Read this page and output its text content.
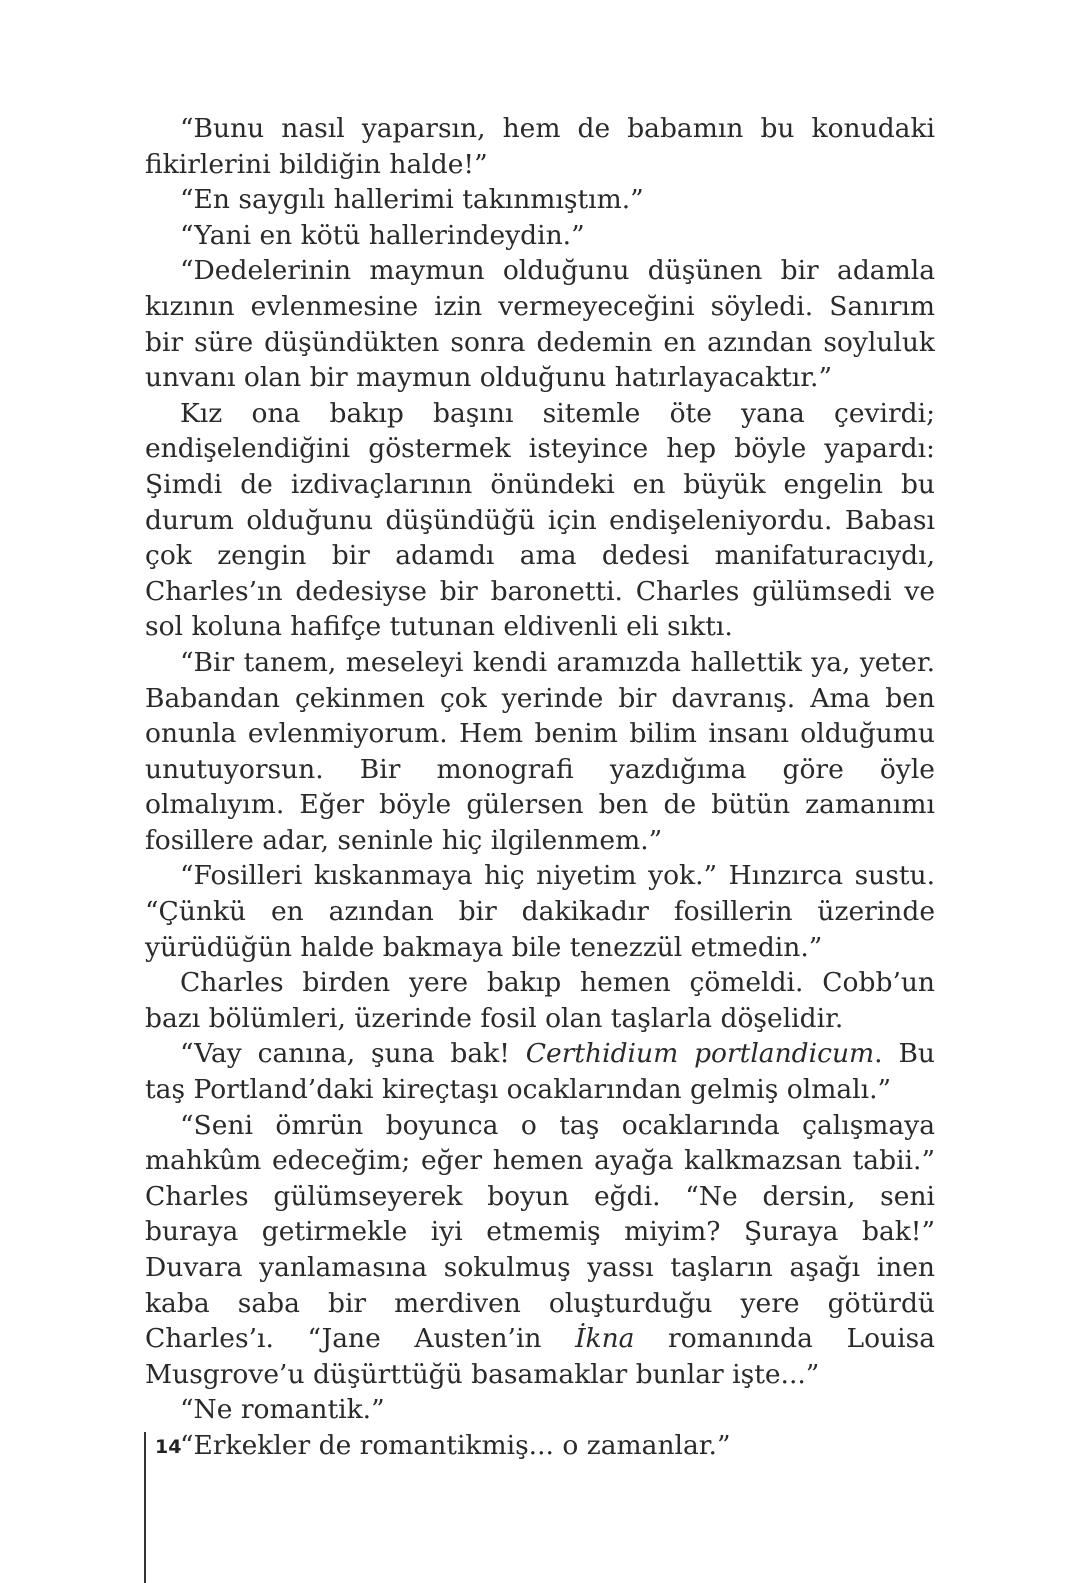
“Bunu nasıl yaparsın, hem de babamın bu konudaki fikirlerini bildiğin halde!”

“En saygılı hallerimi takınmıştım.”

“Yani en kötü hallerindeydin.”

“Dedelerinin maymun olduğunu düşünen bir adamla kızının evlenmesine izin vermeyeceğini söyledi. Sanırım bir süre düşündükten sonra dedemin en azından soyluluk unvanı olan bir maymun olduğunu hatırlayacaktır.”

Kız ona bakıp başını sitemle öte yana çevirdi; endişelendiğini göstermek isteyince hep böyle yapardı: Şimdi de izdivaçlarının önündeki en büyük engelin bu durum olduğunu düşündüğü için endişeleniyordu. Babası çok zengin bir adamdı ama dedesi manifaturacıydı, Charles’ın dedesiyse bir baronetti. Charles gülümsedi ve sol koluna hafifçe tutunan eldivenli eli sıktı.

“Bir tanem, meseleyi kendi aramızda hallettik ya, yeter. Babandan çekinmen çok yerinde bir davranış. Ama ben onunla evlenmiyorum. Hem benim bilim insanı olduğumu unutuyorsun. Bir monografi yazdığıma göre öyle olmalıyım. Eğer böyle gülersen ben de bütün zamanımı fosillere adar, seninle hiç ilgilenmem.”

“Fosilleri kıskanmaya hiç niyetim yok.” Hınzırca sustu. “Çünkü en azından bir dakikadır fosillerin üzerinde yürüdüğün halde bakmaya bile tenezzül etmedin.”

Charles birden yere bakıp hemen çömeldi. Cobb’un bazı bölümleri, üzerinde fosil olan taşlarla döşelidir.

“Vay canına, şuna bak! Certhidium portlandicum. Bu taş Portland’daki kireçtaşı ocaklarından gelmiş olmalı.”

“Seni ömrün boyunca o taş ocaklarında çalışmaya mahkûm edeceğim; eğer hemen ayağa kalkmazsan tabii.” Charles gülümseyerek boyun eğdi. “Ne dersin, seni buraya getirmekle iyi etmemiş miyim? Şuraya bak!” Duvara yanlamasına sokulmuş yassı taşların aşağı inen kaba saba bir merdiven oluşturduğu yere götürdü Charles’ı. “Jane Austen’in İkna romanında Louisa Musgrove’u düşürttüğü basamaklar bunlar işte...”

“Ne romantik.”

“Erkekler de romantikmiş... o zamanlar.”

14
